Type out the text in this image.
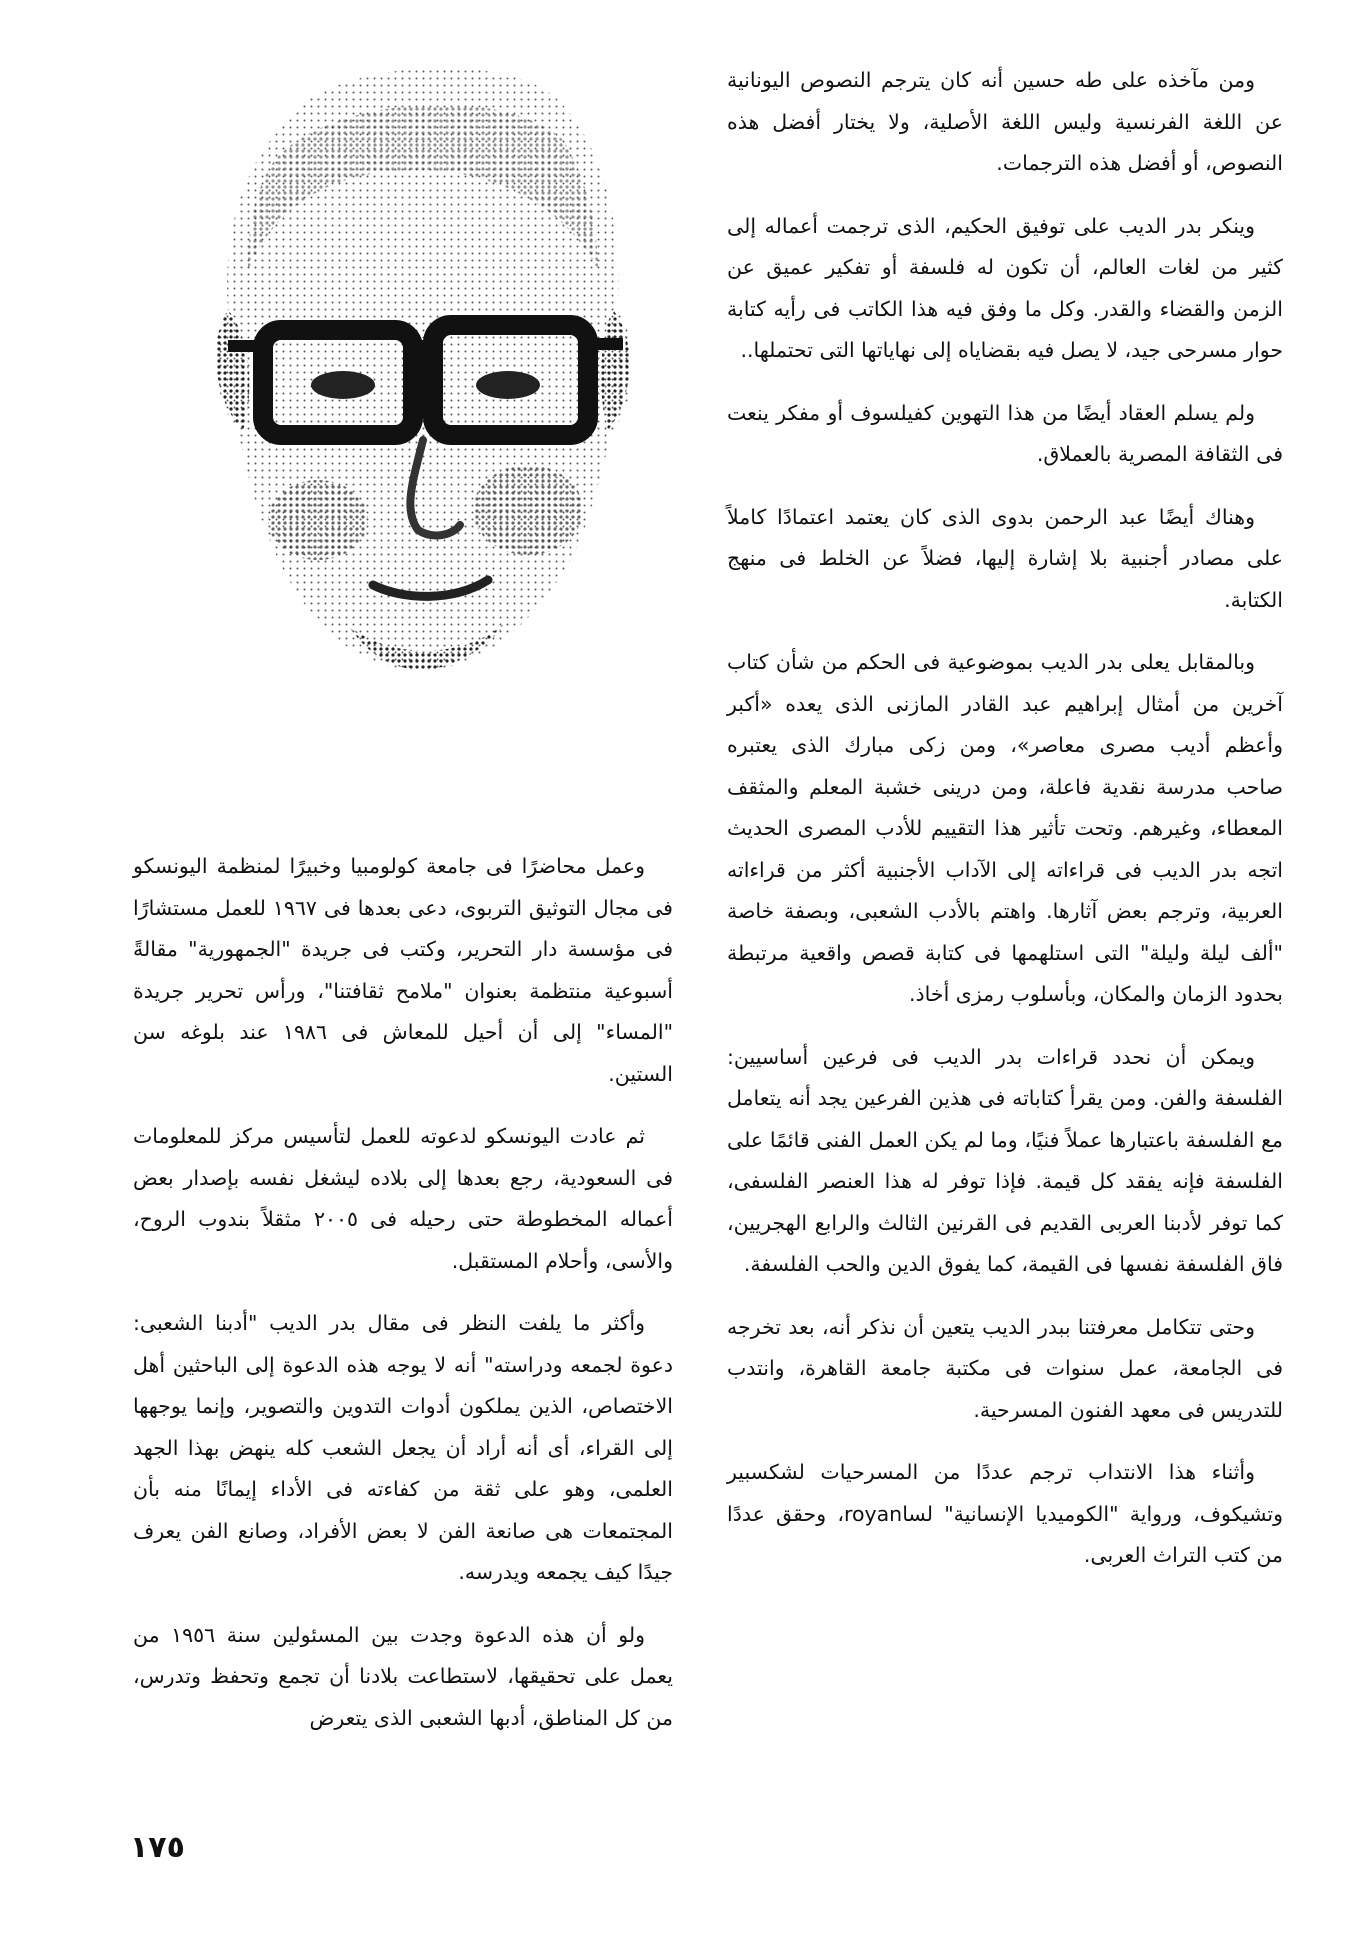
ومن مآخذه على طه حسين أنه كان يترجم النصوص اليونانية عن اللغة الفرنسية وليس اللغة الأصلية، ولا يختار أفضل هذه النصوص، أو أفضل هذه الترجمات.

وينكر بدر الديب على توفيق الحكيم، الذى ترجمت أعماله إلى كثير من لغات العالم، أن تكون له فلسفة أو تفكير عميق عن الزمن والقضاء والقدر. وكل ما وفق فيه هذا الكاتب فى رأيه كتابة حوار مسرحى جيد، لا يصل فيه بقضاياه إلى نهاياتها التى تحتملها..

ولم يسلم العقاد أيضًا من هذا التهوين كفيلسوف أو مفكر ينعت فى الثقافة المصرية بالعملاق.

وهناك أيضًا عبد الرحمن بدوى الذى كان يعتمد اعتمادًا كاملاً على مصادر أجنبية بلا إشارة إليها، فضلاً عن الخلط فى منهج الكتابة.

وبالمقابل يعلى بدر الديب بموضوعية فى الحكم من شأن كتاب آخرين من أمثال إبراهيم عبد القادر المازنى الذى يعده «أكبر وأعظم أديب مصرى معاصر»، ومن زكى مبارك الذى يعتبره صاحب مدرسة نقدية فاعلة، ومن درينى خشبة المعلم والمثقف المعطاء، وغيرهم. وتحت تأثير هذا التقييم للأدب المصرى الحديث اتجه بدر الديب فى قراءاته إلى الآداب الأجنبية أكثر من قراءاته العربية، وترجم بعض آثارها. واهتم بالأدب الشعبى، وبصفة خاصة "ألف ليلة وليلة" التى استلهمها فى كتابة قصص واقعية مرتبطة بحدود الزمان والمكان، وبأسلوب رمزى أخاذ.

ويمكن أن نحدد قراءات بدر الديب فى فرعين أساسيين: الفلسفة والفن. ومن يقرأ كتاباته فى هذين الفرعين يجد أنه يتعامل مع الفلسفة باعتبارها عملاً فنيًا، وما لم يكن العمل الفنى قائمًا على الفلسفة فإنه يفقد كل قيمة. فإذا توفر له هذا العنصر الفلسفى، كما توفر لأدبنا العربى القديم فى القرنين الثالث والرابع الهجريين، فاق الفلسفة نفسها فى القيمة، كما يفوق الدين والحب الفلسفة.

وحتى تتكامل معرفتنا ببدر الديب يتعين أن نذكر أنه، بعد تخرجه فى الجامعة، عمل سنوات فى مكتبة جامعة القاهرة، وانتدب للتدريس فى معهد الفنون المسرحية.

وأثناء هذا الانتداب ترجم عددًا من المسرحيات لشكسبير وتشيكوف، ورواية "الكوميديا الإنسانية" لساroyan، وحقق عددًا من كتب التراث العربى.

وعمل محاضرًا فى جامعة كولومبيا وخبيرًا لمنظمة اليونسكو فى مجال التوثيق التربوى، دعى بعدها فى ١٩٦٧ للعمل مستشارًا فى مؤسسة دار التحرير، وكتب فى جريدة "الجمهورية" مقالةً أسبوعية منتظمة بعنوان "ملامح ثقافتنا"، ورأس تحرير جريدة "المساء" إلى أن أحيل للمعاش فى ١٩٨٦ عند بلوغه سن الستين.

ثم عادت اليونسكو لدعوته للعمل لتأسيس مركز للمعلومات فى السعودية، رجع بعدها إلى بلاده ليشغل نفسه بإصدار بعض أعماله المخطوطة حتى رحيله فى ٢٠٠٥ مثقلاً بندوب الروح، والأسى، وأحلام المستقبل.

وأكثر ما يلفت النظر فى مقال بدر الديب "أدبنا الشعبى: دعوة لجمعه ودراسته" أنه لا يوجه هذه الدعوة إلى الباحثين أهل الاختصاص، الذين يملكون أدوات التدوين والتصوير، وإنما يوجهها إلى القراء، أى أنه أراد أن يجعل الشعب كله ينهض بهذا الجهد العلمى، وهو على ثقة من كفاءته فى الأداء إيمانًا منه بأن المجتمعات هى صانعة الفن لا بعض الأفراد، وصانع الفن يعرف جيدًا كيف يجمعه ويدرسه.

ولو أن هذه الدعوة وجدت بين المسئولين سنة ١٩٥٦ من يعمل على تحقيقها، لاستطاعت بلادنا أن تجمع وتحفظ وتدرس، من كل المناطق، أدبها الشعبى الذى يتعرض

١٧٥
